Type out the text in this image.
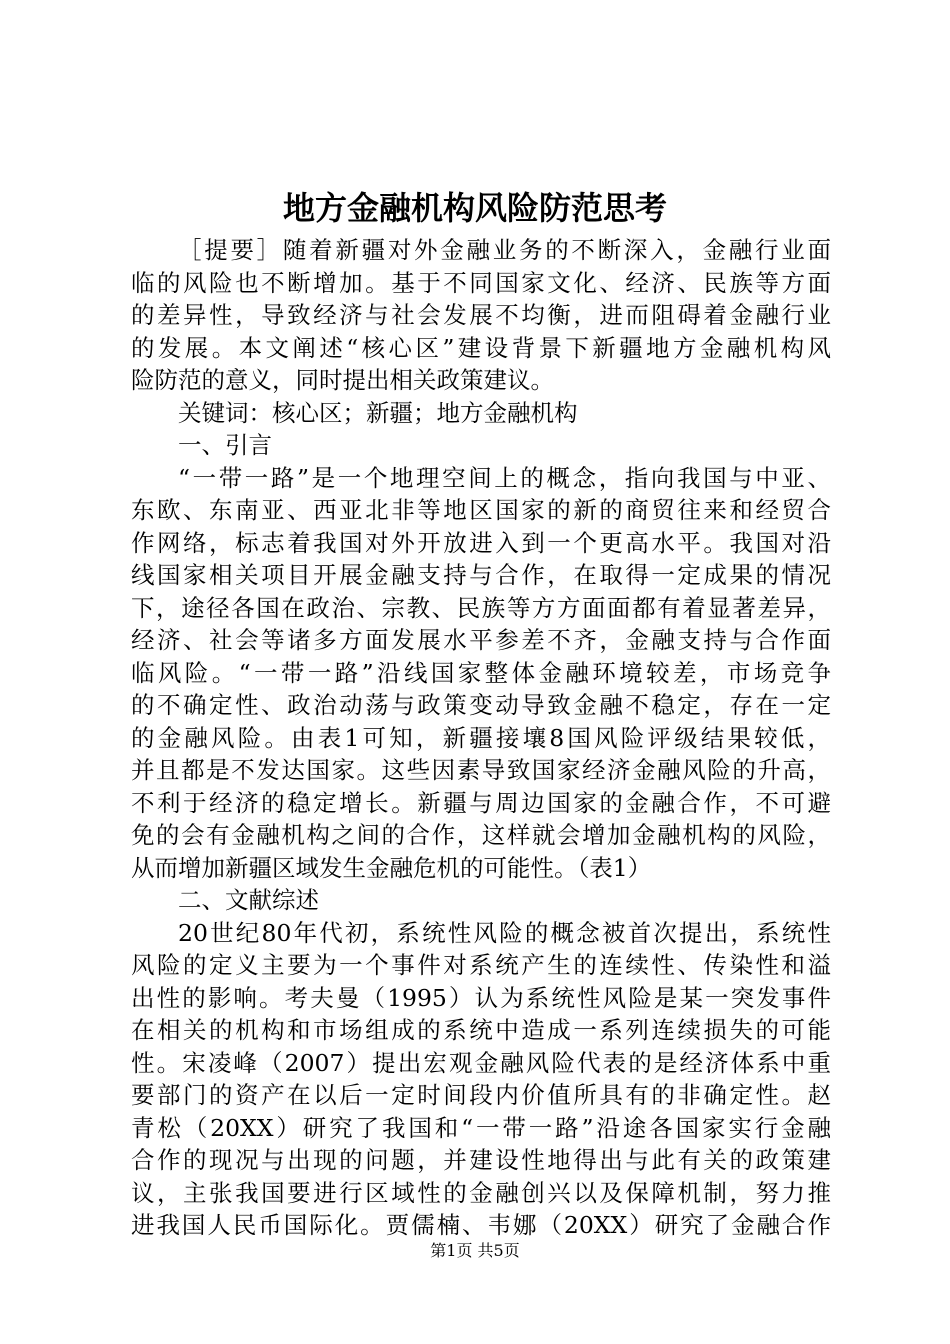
地方金融机构风险防范思考
［提要］随着新疆对外金融业务的不断深入，金融行业面
临的风险也不断增加。基于不同国家文化、经济、民族等方面
的差异性，导致经济与社会发展不均衡，进而阻碍着金融行业
的发展。本文阐述“核心区”建设背景下新疆地方金融机构风
险防范的意义，同时提出相关政策建议。
关键词：核心区；新疆；地方金融机构
一、引言
“一带一路”是一个地理空间上的概念，指向我国与中亚、
东欧、东南亚、西亚北非等地区国家的新的商贸往来和经贸合
作网络，标志着我国对外开放进入到一个更高水平。我国对沿
线国家相关项目开展金融支持与合作，在取得一定成果的情况
下，途径各国在政治、宗教、民族等方方面面都有着显著差异，
经济、社会等诸多方面发展水平参差不齐，金融支持与合作面
临风险。“一带一路”沿线国家整体金融环境较差，市场竞争
的不确定性、政治动荡与政策变动导致金融不稳定，存在一定
的金融风险。由表1可知，新疆接壤8国风险评级结果较低，
并且都是不发达国家。这些因素导致国家经济金融风险的升高，
不利于经济的稳定增长。新疆与周边国家的金融合作，不可避
免的会有金融机构之间的合作，这样就会增加金融机构的风险，
从而增加新疆区域发生金融危机的可能性。（表1）
二、文献综述
20世纪80年代初，系统性风险的概念被首次提出，系统性
风险的定义主要为一个事件对系统产生的连续性、传染性和溢
出性的影响。考夫曼（1995）认为系统性风险是某一突发事件
在相关的机构和市场组成的系统中造成一系列连续损失的可能
性。宋凌峰（2007）提出宏观金融风险代表的是经济体系中重
要部门的资产在以后一定时间段内价值所具有的非确定性。赵
青松（20XX）研究了我国和“一带一路”沿途各国家实行金融
合作的现况与出现的问题，并建设性地得出与此有关的政策建
议，主张我国要进行区域性的金融创兴以及保障机制，努力推
进我国人民币国际化。贾儒楠、韦娜（20XX）研究了金融合作
第1页 共5页
